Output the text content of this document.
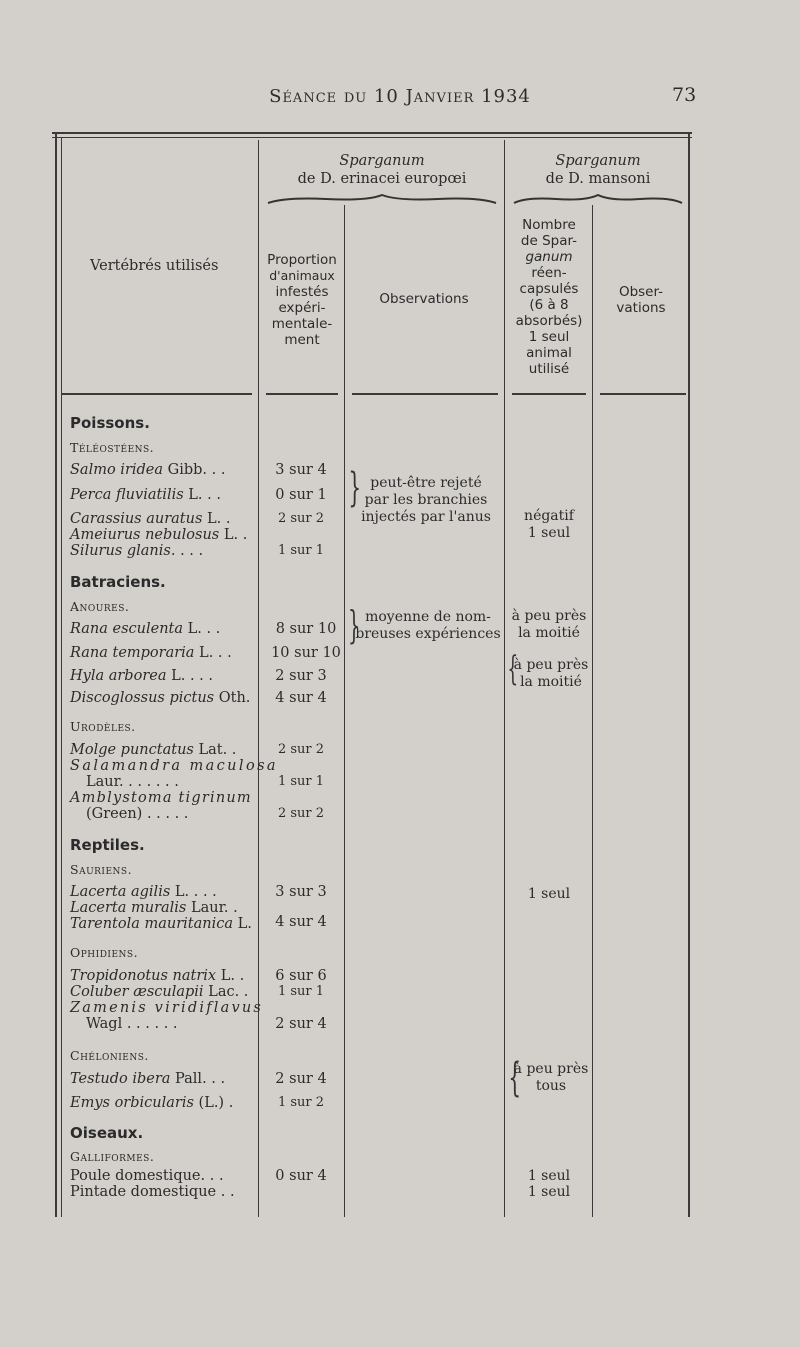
Séance du 10 Janvier 1934	73
Vertébrés utilisés
Sparganum
de D. erinacei europœi
Sparganum
de D. mansoni
Proportion
d'animaux
infestés
expéri-
mentale-
ment
Observations
Nombre
de Spar-
ganum
réen-
capsulés
(6 à 8
absorbés)
1 seul
animal
utilisé
Obser-
vations
Poissons.
Téléostéens.
Batraciens.
Anoures.
Urodèles.
Reptiles.
Sauriens.
Ophidiens.
Chéloniens.
Oiseaux.
Galliformes.
Salmo iridea Gibb. . .
Perca fluviatilis L. . .
Carassius auratus L. .
Ameiurus nebulosus L. .
Silurus glanis. . . .
Rana esculenta L. . .
Rana temporaria L. . .
Hyla arborea L. . . .
Discoglossus pictus Oth.
Molge punctatus Lat. .
Salamandra maculosa
Laur. . . . . . .
Amblystoma tigrinum
(Green) . . . . .
Lacerta agilis L. . . .
Lacerta muralis Laur. .
Tarentola mauritanica L.
Tropidonotus natrix L. .
Coluber æsculapii Lac. .
Zamenis viridiflavus
Wagl . . . . . .
Testudo ibera Pall. . .
Emys orbicularis (L.) .
Poule domestique. . .
Pintade domestique . .
3 sur 4
0 sur 1
2 sur 2
1 sur 1
8 sur 10
10 sur 10
2 sur 3
4 sur 4
2 sur 2
1 sur 1
2 sur 2
3 sur 3
4 sur 4
6 sur 6
1 sur 1
2 sur 4
2 sur 4
1 sur 2
0 sur 4
} peut-être rejeté
par les branchies
injectés par l'anus
} moyenne de nom-
breuses expériences
négatif
1 seul
à peu près
la moitié
{
à peu près
la moitié
1 seul
{
à peu près
tous
1 seul
1 seul
